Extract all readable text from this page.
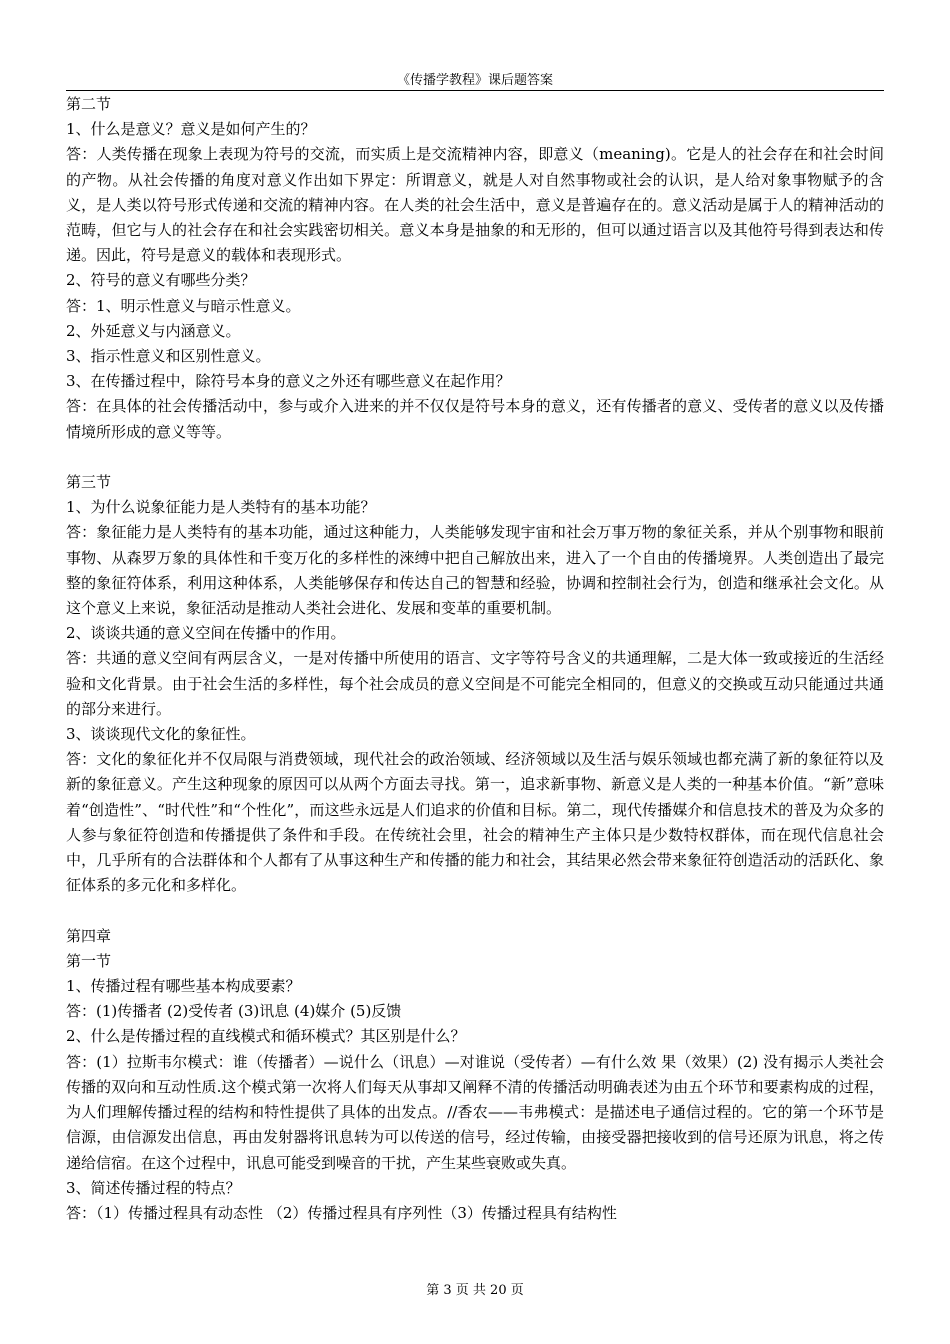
《传播学教程》课后题答案

第二节

1、什么是意义？意义是如何产生的？

答：人类传播在现象上表现为符号的交流，而实质上是交流精神内容，即意义（meaning)。它是人的社会存在和社会时间的产物。从社会传播的角度对意义作出如下界定：所谓意义，就是人对自然事物或社会的认识，是人给对象事物赋予的含义，是人类以符号形式传递和交流的精神内容。在人类的社会生活中，意义是普遍存在的。意义活动是属于人的精神活动的范畴，但它与人的社会存在和社会实践密切相关。意义本身是抽象的和无形的，但可以通过语言以及其他符号得到表达和传递。因此，符号是意义的载体和表现形式。

2、符号的意义有哪些分类？

答：1、明示性意义与暗示性意义。

2、外延意义与内涵意义。

3、指示性意义和区别性意义。

3、在传播过程中，除符号本身的意义之外还有哪些意义在起作用？

答：在具体的社会传播活动中，参与或介入进来的并不仅仅是符号本身的意义，还有传播者的意义、受传者的意义以及传播情境所形成的意义等等。

第三节

1、为什么说象征能力是人类特有的基本功能？

答：象征能力是人类特有的基本功能，通过这种能力，人类能够发现宇宙和社会万事万物的象征关系，并从个别事物和眼前事物、从森罗万象的具体性和千变万化的多样性的淶缚中把自己解放出来，进入了一个自由的传播境界。人类创造出了最完整的象征符体系，利用这种体系，人类能够保存和传达自己的智慧和经验，协调和控制社会行为，创造和继承社会文化。从这个意义上来说，象征活动是推动人类社会进化、发展和变革的重要机制。

2、谈谈共通的意义空间在传播中的作用。

答：共通的意义空间有两层含义，一是对传播中所使用的语言、文字等符号含义的共通理解，二是大体一致或接近的生活经验和文化背景。由于社会生活的多样性，每个社会成员的意义空间是不可能完全相同的，但意义的交换或互动只能通过共通的部分来进行。

3、谈谈现代文化的象征性。

答：文化的象征化并不仅局限与消费领域，现代社会的政治领域、经济领域以及生活与娱乐领域也都充满了新的象征符以及新的象征意义。产生这种现象的原因可以从两个方面去寻找。第一，追求新事物、新意义是人类的一种基本价值。“新”意味着“创造性”、“时代性”和“个性化”，而这些永远是人们追求的价值和目标。第二，现代传播媒介和信息技术的普及为众多的人参与象征符创造和传播提供了条件和手段。在传统社会里，社会的精神生产主体只是少数特权群体，而在现代信息社会中，几乎所有的合法群体和个人都有了从事这种生产和传播的能力和社会，其结果必然会带来象征符创造活动的活跃化、象征体系的多元化和多样化。

第四章

第一节

1、传播过程有哪些基本构成要素？

答：(1)传播者 (2)受传者 (3)讯息 (4)媒介 (5)反馈

2、什么是传播过程的直线模式和循环模式？其区别是什么？

答：(1）拉斯韦尔模式：谁（传播者）—说什么（讯息）—对谁说（受传者）—有什么效 果（效果）(2) 没有揭示人类社会传播的双向和互动性质.这个模式第一次将人们每天从事却又阐释不清的传播活动明确表述为由五个环节和要素构成的过程，为人们理解传播过程的结构和特性提供了具体的出发点。//香农——韦弗模式：是描述电子通信过程的。它的第一个环节是信源，由信源发出信息，再由发射器将讯息转为可以传送的信号，经过传输，由接受器把接收到的信号还原为讯息，将之传递给信宿。在这个过程中，讯息可能受到噪音的干扰，产生某些衰败或失真。

3、简述传播过程的特点？

答：（1）传播过程具有动态性 （2）传播过程具有序列性（3）传播过程具有结构性

第 3 页 共 20 页
